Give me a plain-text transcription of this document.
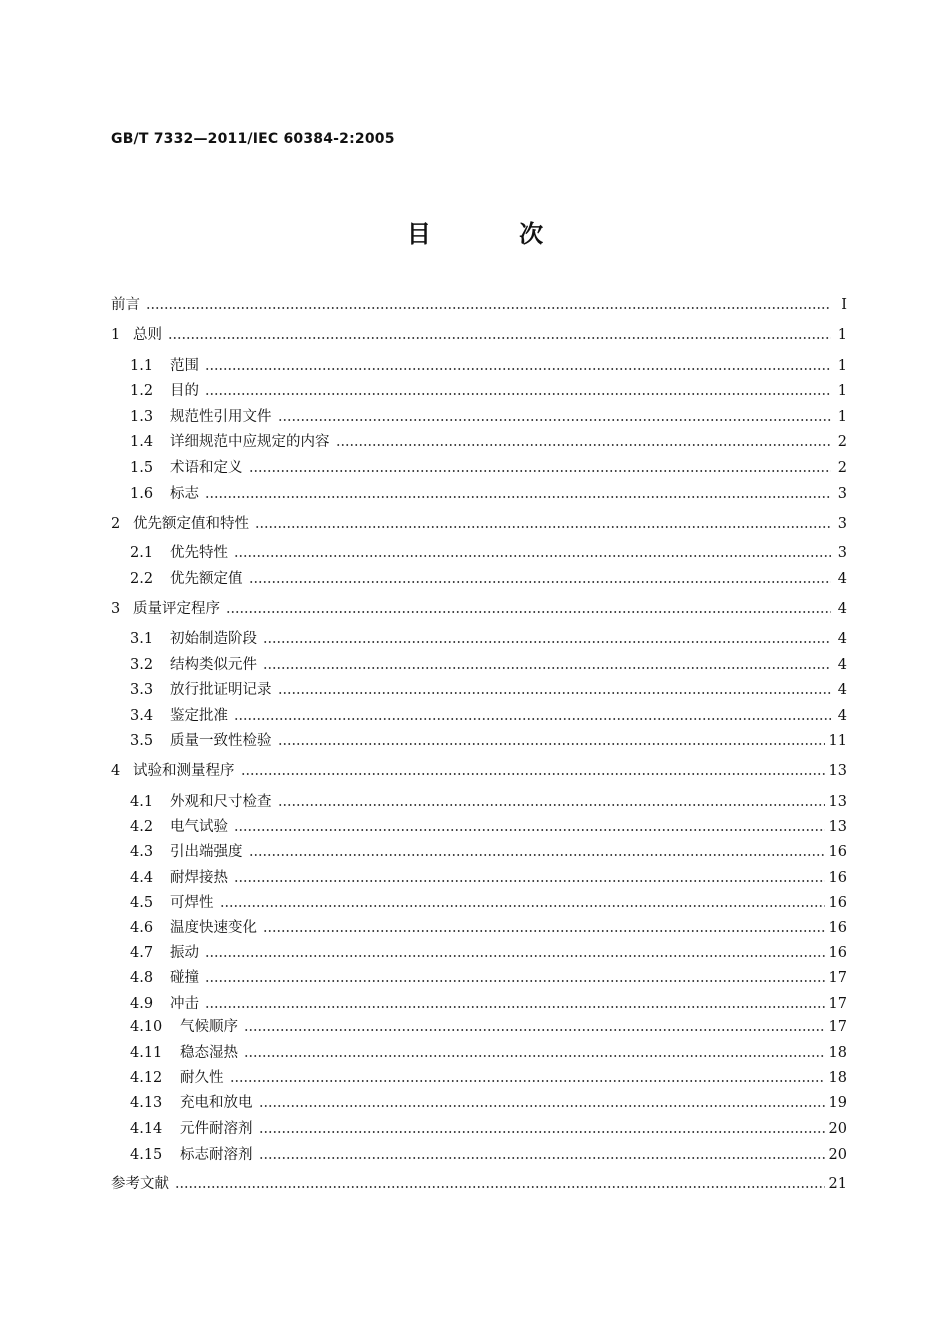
GB/T 7332—2011/IEC 60384-2:2005
目 次
前言	Ⅰ
1 总则	1
1.1	范围	1
1.2	目的	1
1.3	规范性引用文件	1
1.4	详细规范中应规定的内容	2
1.5	术语和定义	2
1.6	标志	3
2 优先额定值和特性	3
2.1	优先特性	3
2.2	优先额定值	4
3 质量评定程序	4
3.1	初始制造阶段	4
3.2	结构类似元件	4
3.3	放行批证明记录	4
3.4	鉴定批准	4
3.5	质量一致性检验	11
4 试验和测量程序	13
4.1	外观和尺寸检查	13
4.2	电气试验	13
4.3	引出端强度	16
4.4	耐焊接热	16
4.5	可焊性	16
4.6	温度快速变化	16
4.7	振动	16
4.8	碰撞	17
4.9	冲击	17
4.10	气候顺序	17
4.11	稳态湿热	18
4.12	耐久性	18
4.13	充电和放电	19
4.14	元件耐溶剂	20
4.15	标志耐溶剂	20
参考文献	21
